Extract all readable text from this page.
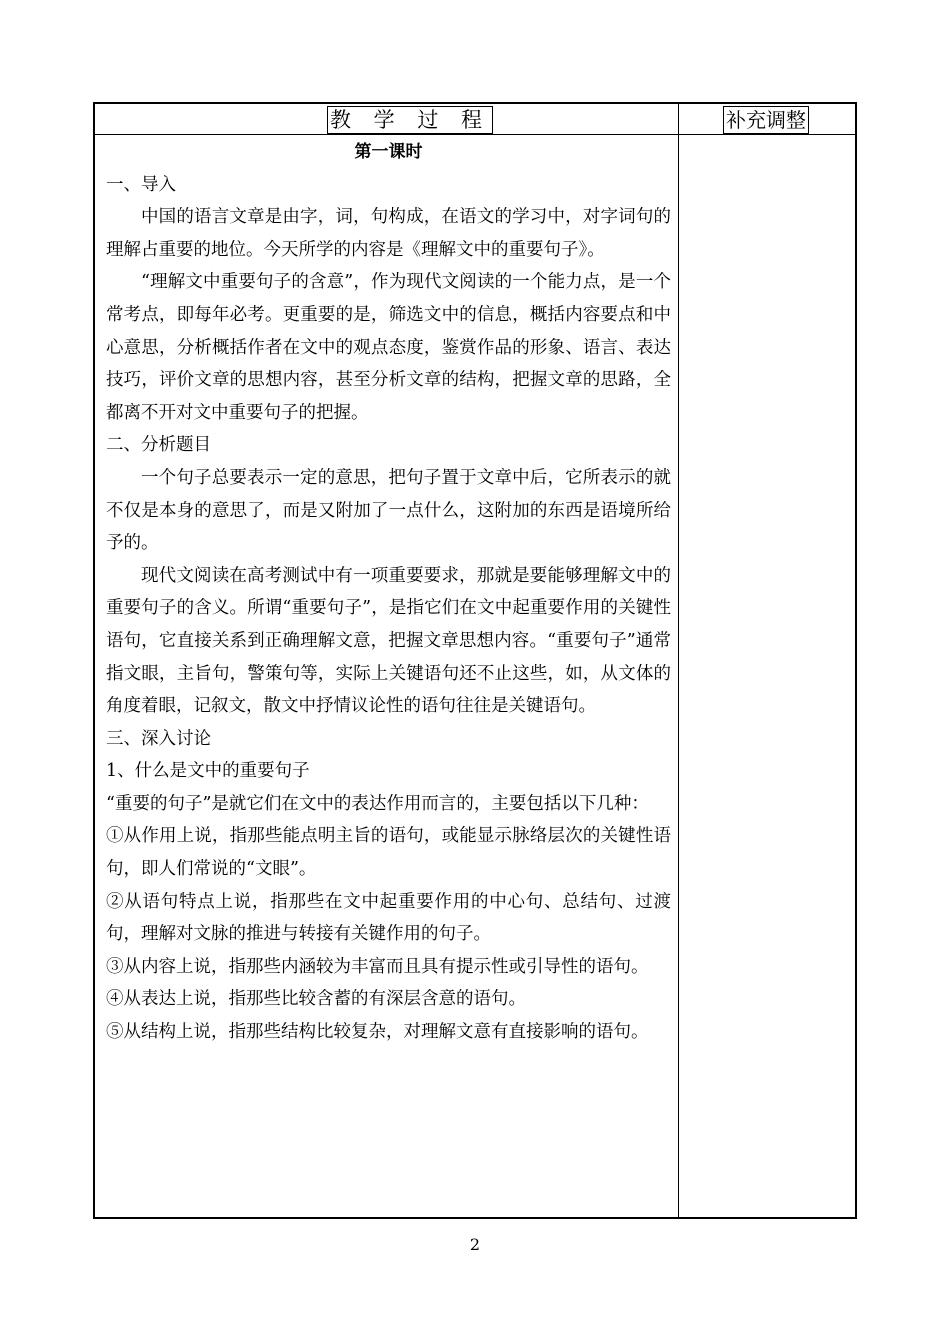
教 学 过 程	补充调整

第一课时

一、导入

中国的语言文章是由字，词，句构成，在语文的学习中，对字词句的理解占重要的地位。今天所学的内容是《理解文中的重要句子》。

“理解文中重要句子的含意”，作为现代文阅读的一个能力点，是一个常考点，即每年必考。更重要的是，筛选文中的信息，概括内容要点和中心意思，分析概括作者在文中的观点态度，鉴赏作品的形象、语言、表达技巧，评价文章的思想内容，甚至分析文章的结构，把握文章的思路，全都离不开对文中重要句子的把握。

二、分析题目

一个句子总要表示一定的意思，把句子置于文章中后，它所表示的就不仅是本身的意思了，而是又附加了一点什么，这附加的东西是语境所给予的。

现代文阅读在高考测试中有一项重要要求，那就是要能够理解文中的重要句子的含义。所谓“重要句子”，是指它们在文中起重要作用的关键性语句，它直接关系到正确理解文意，把握文章思想内容。“重要句子”通常指文眼，主旨句，警策句等，实际上关键语句还不止这些，如，从文体的角度着眼，记叙文，散文中抒情议论性的语句往往是关键语句。

三、深入讨论

1、什么是文中的重要句子

“重要的句子”是就它们在文中的表达作用而言的，主要包括以下几种：

①从作用上说，指那些能点明主旨的语句，或能显示脉络层次的关键性语句，即人们常说的“文眼”。

②从语句特点上说，指那些在文中起重要作用的中心句、总结句、过渡句，理解对文脉的推进与转接有关键作用的句子。

③从内容上说，指那些内涵较为丰富而且具有提示性或引导性的语句。

④从表达上说，指那些比较含蓄的有深层含意的语句。

⑤从结构上说，指那些结构比较复杂，对理解文意有直接影响的语句。

2
